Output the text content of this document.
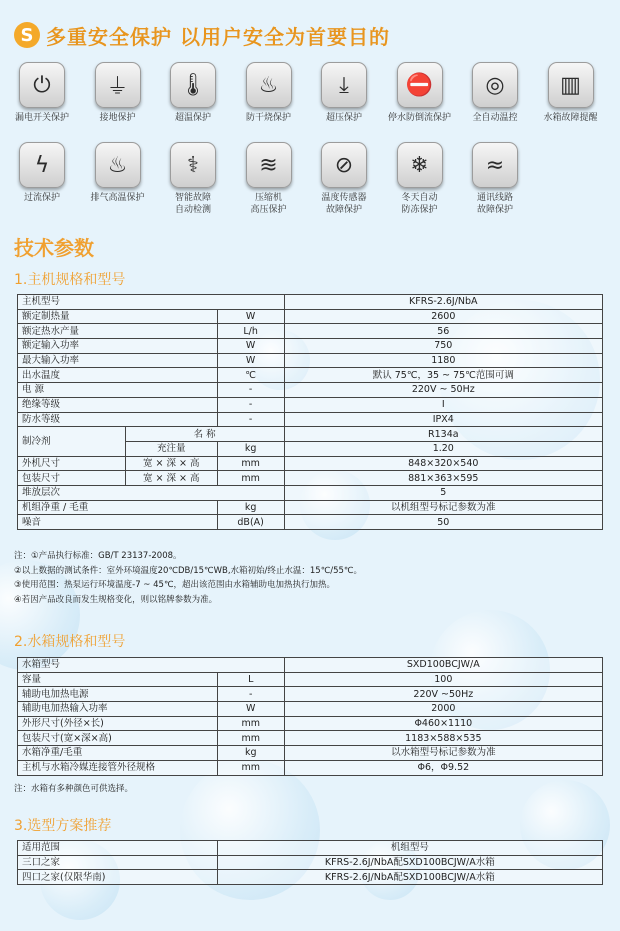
S 多重安全保护 以用户安全为首要目的
⏻
漏电开关保护
⏚
接地保护
🌡
超温保护
♨
防干烧保护
⤓
超压保护
⛔
停水防倒流保护
◎
全自动温控
▥
水箱故障提醒
ϟ
过流保护
♨
排气高温保护
⚕
智能故障
自动检测
≋
压缩机
高压保护
⊘
温度传感器
故障保护
❄
冬天自动
防冻保护
≈
通讯线路
故障保护
技术参数
1.主机规格和型号
主机型号			KFRS-2.6J/NbA
额定制热量		W	2600
额定热水产量		L/h	56
额定输入功率		W	750
最大输入功率		W	1180
出水温度		℃	默认 75℃，35 ~ 75℃范围可调
电 源		-	220V ~ 50Hz
绝缘等级		-	I
防水等级		-	IPX4
制冷剂	名 称		R134a
	充注量	kg	1.20
外机尺寸	宽 × 深 × 高	mm	848×320×540
包装尺寸	宽 × 深 × 高	mm	881×363×595
堆放层次			5
机组净重 / 毛重		kg	以机组型号标记参数为准
噪音		dB(A)	50
注：①产品执行标准：GB/T 23137-2008。
②以上数据的测试条件：室外环境温度20℃DB/15℃WB,水箱初始/终止水温：15℃/55℃。
③使用范围：热泵运行环境温度-7 ~ 45℃，超出该范围由水箱辅助电加热执行加热。
④若因产品改良而发生规格变化，则以铭牌参数为准。
2.水箱规格和型号
水箱型号		SXD100BCJW/A
容量	L	100
辅助电加热电源	-	220V ~50Hz
辅助电加热输入功率	W	2000
外形尺寸(外径×长)	mm	Φ460×1110
包装尺寸(宽×深×高)	mm	1183×588×535
水箱净重/毛重	kg	以水箱型号标记参数为准
主机与水箱冷媒连接管外径规格	mm	Φ6，Φ9.52
注：水箱有多种颜色可供选择。
3.选型方案推荐
适用范围	机组型号
三口之家	KFRS-2.6J/NbA配SXD100BCJW/A水箱
四口之家(仅限华南)	KFRS-2.6J/NbA配SXD100BCJW/A水箱
